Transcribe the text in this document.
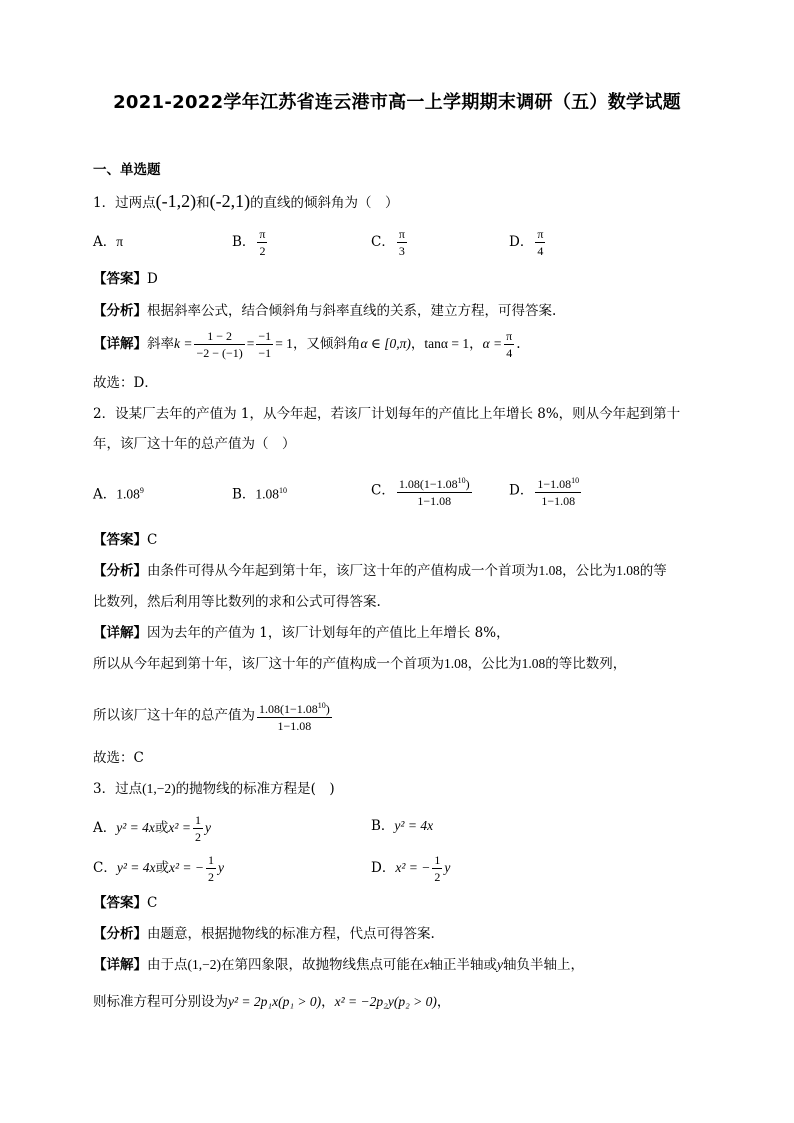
2021-2022学年江苏省连云港市高一上学期期末调研（五）数学试题
一、单选题
1．过两点(-1,2)和(-2,1)的直线的倾斜角为（　）
A．π	B． $\frac{\pi}{2}$	C． $\frac{\pi}{3}$	D． $\frac{\pi}{4}$
【答案】D
【分析】根据斜率公式，结合倾斜角与斜率直线的关系，建立方程，可得答案.
【详解】斜率$k = \frac{1 - 2}{-2 - (-1)} = \frac{-1}{-1} = 1$，又倾斜角α ∈ [0,π)，tanα = 1，$\alpha = \frac{\pi}{4}$ .
故选：D．
2．设某厂去年的产值为 1，从今年起，若该厂计划每年的产值比上年增长 8%，则从今年起到第十
年，该厂这十年的总产值为（　）
A．1.08$^9$	B．1.08$^{10}$	C． $\frac{1.08(1-1.08^{10})}{1-1.08}$	D． $\frac{1-1.08^{10}}{1-1.08}$
【答案】C
【分析】由条件可得从今年起到第十年，该厂这十年的产值构成一个首项为1.08，公比为1.08的等
比数列，然后利用等比数列的求和公式可得答案.
【详解】因为去年的产值为 1，该厂计划每年的产值比上年增长 8%，
所以从今年起到第十年，该厂这十年的产值构成一个首项为1.08，公比为1.08的等比数列，
所以该厂这十年的总产值为 $\frac{1.08(1-1.08^{10})}{1-1.08}$
故选：C
3．过点(1,−2)的抛物线的标准方程是(　)
A．y² = 4x或$x^2 = \frac{1}{2}$ y	B．y² = 4x
C．y² = 4x或x² = − $\frac{1}{2}$ y	D．x² = − $\frac{1}{2}$ y
【答案】C
【分析】由题意，根据抛物线的标准方程，代点可得答案.
【详解】由于点(1,−2)在第四象限，故抛物线焦点可能在x轴正半轴或y轴负半轴上，
则标准方程可分别设为y² = 2p₁x(p₁ > 0)，x² = −2p₂y(p₂ > 0)，
